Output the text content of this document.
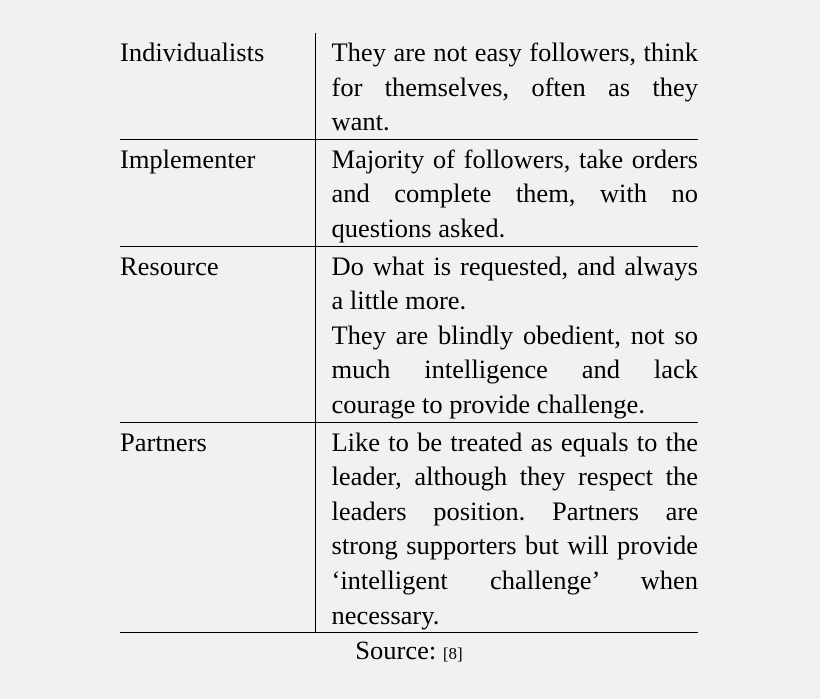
Individualists	They are not easy followers, think for themselves, often as they want.

Implementer	Majority of followers, take orders and complete them, with no questions asked.

Resource	Do what is requested, and always a little more.
They are blindly obedient, not so much intelligence and lack courage to provide challenge.

Partners	Like to be treated as equals to the leader, although they respect the leaders position. Partners are strong supporters but will provide ‘intelligent challenge’ when necessary.
Source: [8]
